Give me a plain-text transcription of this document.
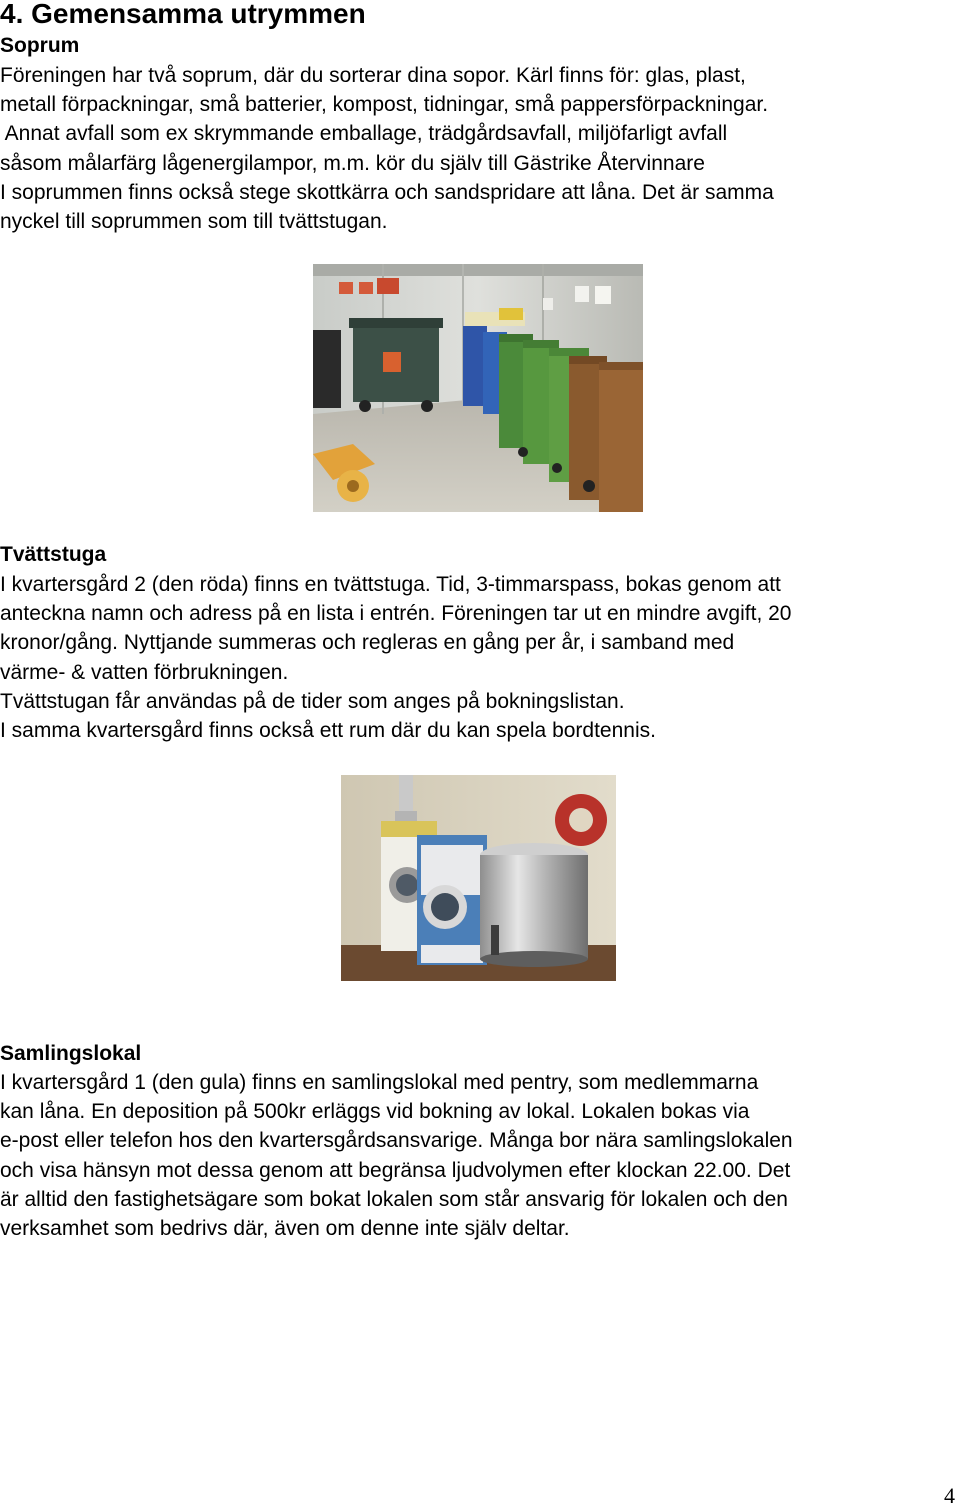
4. Gemensamma utrymmen
Soprum
Föreningen har två soprum, där du sorterar dina sopor. Kärl finns för: glas, plast,
metall förpackningar, små batterier, kompost, tidningar, små pappersförpackningar.
Annat avfall som ex skrymmande emballage, trädgårdsavfall, miljöfarligt avfall
såsom målarfärg lågenergilampor, m.m. kör du själv till Gästrike Återvinnare
I soprummen finns också stege skottkärra och sandspridare att låna. Det är samma
nyckel till soprummen som till tvättstugan.
Tvättstuga
I kvartersgård 2 (den röda) finns en tvättstuga. Tid, 3-timmarspass, bokas genom att
anteckna namn och adress på en lista i entrén. Föreningen tar ut en mindre avgift, 20
kronor/gång. Nyttjande summeras och regleras en gång per år, i samband med
värme- & vatten förbrukningen.
Tvättstugan får användas på de tider som anges på bokningslistan.
I samma kvartersgård finns också ett rum där du kan spela bordtennis.
Samlingslokal
I kvartersgård 1 (den gula) finns en samlingslokal med pentry, som medlemmarna
kan låna. En deposition på 500kr erläggs vid bokning av lokal. Lokalen bokas via
e-post eller telefon hos den kvartersgårdsansvarige. Många bor nära samlingslokalen
och visa hänsyn mot dessa genom att begränsa ljudvolymen efter klockan 22.00. Det
är alltid den fastighetsägare som bokat lokalen som står ansvarig för lokalen och den
verksamhet som bedrivs där, även om denne inte själv deltar.
4
